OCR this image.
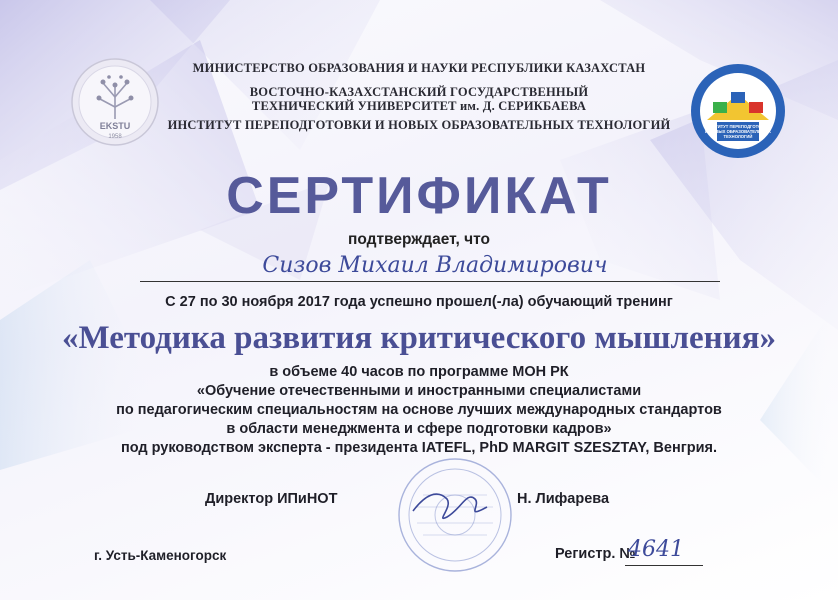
EKSTU
1958
ИНСТИТУТ ПЕРЕПОДГОТОВКИ
И НОВЫХ ОБРАЗОВАТЕЛЬНЫХ
ТЕХНОЛОГИЙ
МИНИСТЕРСТВО ОБРАЗОВАНИЯ И НАУКИ РЕСПУБЛИКИ КАЗАХСТАН
ВОСТОЧНО-КАЗАХСТАНСКИЙ ГОСУДАРСТВЕННЫЙ
ТЕХНИЧЕСКИЙ УНИВЕРСИТЕТ им. Д. СЕРИКБАЕВА
ИНСТИТУТ ПЕРЕПОДГОТОВКИ И НОВЫХ ОБРАЗОВАТЕЛЬНЫХ ТЕХНОЛОГИЙ
СЕРТИФИКАТ
подтверждает, что
Сизов Михаил Владимирович
С 27 по 30 ноября 2017 года успешно прошел(-ла) обучающий тренинг
«Методика развития критического мышления»
в объеме 40 часов по программе МОН РК
«Обучение отечественными и иностранными специалистами
по педагогическим специальностям на основе лучших международных стандартов
в области менеджмента и сфере подготовки кадров»
под руководством эксперта - президента IATEFL, PhD MARGIT SZESZTAY, Венгрия.
Директор ИПиНОТ	Н. Лифарева
г. Усть-Каменогорск	Регистр. №
4641
